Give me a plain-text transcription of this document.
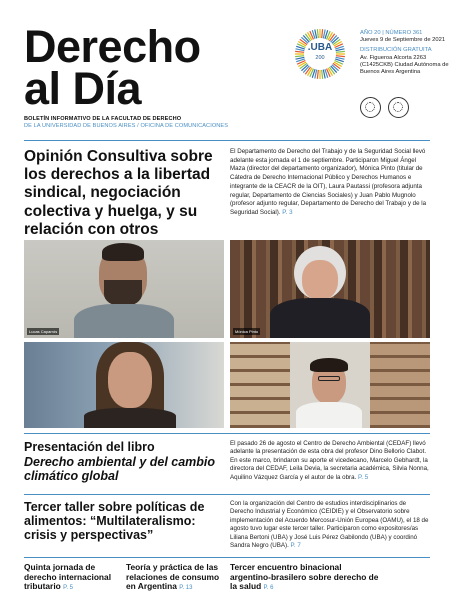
Derecho
al Día
BOLETÍN INFORMATIVO DE LA FACULTAD DE DERECHO
DE LA UNIVERSIDAD DE BUENOS AIRES / OFICINA DE COMUNICACIONES
.UBA
200
AÑO 20 | NÚMERO 361
Jueves 9 de Septiembre de 2021
DISTRIBUCIÓN GRATUITA
Av. Figueroa Alcorta 2263 (C1425CKB) Ciudad Autónoma de Buenos Aires Argentina

Opinión Consultiva sobre los derechos a la libertad sindical, negociación colectiva y huelga, y su relación con otros
El Departamento de Derecho del Trabajo y de la Seguridad Social llevó adelante esta jornada el 1 de septiembre. Participaron Miguel Ángel Maza (director del departamento organizador), Mónica Pinto (titular de Cátedra de Derecho Internacional Público y Derechos Humanos e integrante de la CEACR de la OIT), Laura Pautassi (profesora adjunta regular, Departamento de Ciencias Sociales) y Juan Pablo Mugnolo (profesor adjunto regular, Departamento de Derecho del Trabajo y de la Seguridad Social). P. 3
Lucas Caparrós	Mónica Pinto
Presentación del libro
Derecho ambiental y del cambio climático global
El pasado 26 de agosto el Centro de Derecho Ambiental (CEDAF) llevó adelante la presentación de esta obra del profesor Dino Bellorio Clabot. En este marco, brindaron su aporte el vicedecano, Marcelo Gebhardt, la directora del CEDAF, Leila Devia, la secretaria académica, Silvia Nonna, Aquilino Vázquez García y el autor de la obra. P. 5
Tercer taller sobre políticas de alimentos: “Multilateralismo: crisis y perspectivas”
Con la organización del Centro de estudios interdisciplinarios de Derecho Industrial y Económico (CEIDIE) y el Observatorio sobre implementación del Acuerdo Mercosur-Unión Europea (OAMU), el 18 de agosto tuvo lugar este tercer taller. Participaron como expositores/as Liliana Bertoni (UBA) y José Luis Pérez Gabilondo (UBA) y coordinó Sandra Negro (UBA). P. 7
Quinta jornada de derecho internacional tributario P. 5
Teoría y práctica de las relaciones de consumo en Argentina P. 13
Tercer encuentro binacional argentino-brasilero sobre derecho de la salud P. 6
